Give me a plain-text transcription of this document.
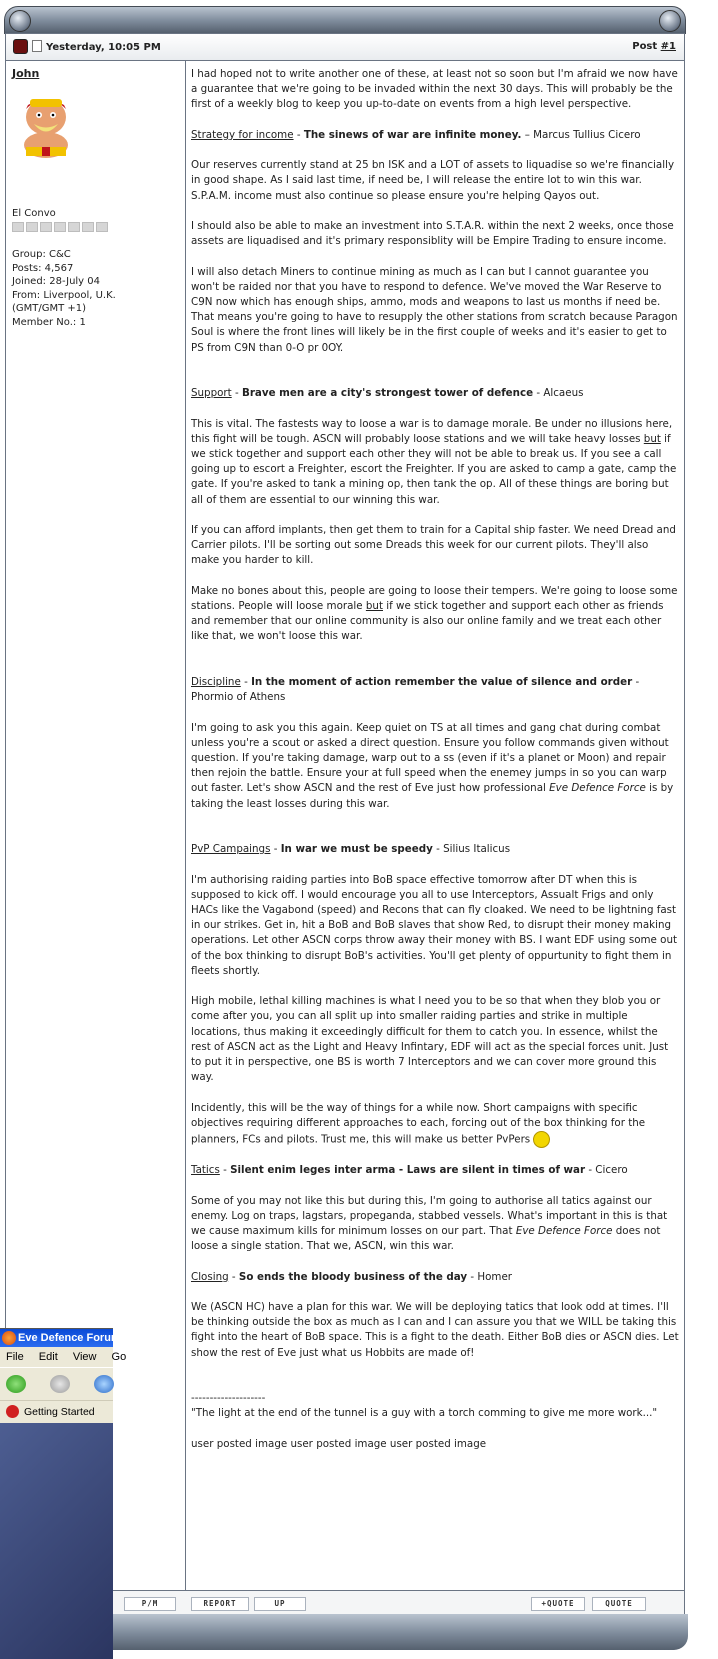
Yesterday, 10:05 PM	Post #1
John
El Convo
Group: C&C
Posts: 4,567
Joined: 28-July 04
From: Liverpool, U.K.
(GMT/GMT +1)
Member No.: 1

I had hoped not to write another one of these, at least not so soon but I'm afraid we now have a guarantee that we're going to be invaded within the next 30 days. This will probably be the first of a weekly blog to keep you up-to-date on events from a high level perspective.

Strategy for income - The sinews of war are infinite money. – Marcus Tullius Cicero

Our reserves currently stand at 25 bn ISK and a LOT of assets to liquadise so we're financially in good shape. As I said last time, if need be, I will release the entire lot to win this war. S.P.A.M. income must also continue so please ensure you're helping Qayos out.

I should also be able to make an investment into S.T.A.R. within the next 2 weeks, once those assets are liquadised and it's primary responsiblity will be Empire Trading to ensure income.

I will also detach Miners to continue mining as much as I can but I cannot guarantee you won't be raided nor that you have to respond to defence. We've moved the War Reserve to C9N now which has enough ships, ammo, mods and weapons to last us months if need be. That means you're going to have to resupply the other stations from scratch because Paragon Soul is where the front lines will likely be in the first couple of weeks and it's easier to get to PS from C9N than 0-O pr 0OY.

Support - Brave men are a city's strongest tower of defence - Alcaeus

This is vital. The fastests way to loose a war is to damage morale. Be under no illusions here, this fight will be tough. ASCN will probably loose stations and we will take heavy losses but if we stick together and support each other they will not be able to break us. If you see a call going up to escort a Freighter, escort the Freighter. If you are asked to camp a gate, camp the gate. If you're asked to tank a mining op, then tank the op. All of these things are boring but all of them are essential to our winning this war.

If you can afford implants, then get them to train for a Capital ship faster. We need Dread and Carrier pilots. I'll be sorting out some Dreads this week for our current pilots. They'll also make you harder to kill.

Make no bones about this, people are going to loose their tempers. We're going to loose some stations. People will loose morale but if we stick together and support each other as friends and remember that our online community is also our online family and we treat each other like that, we won't loose this war.

Discipline - In the moment of action remember the value of silence and order - Phormio of Athens

I'm going to ask you this again. Keep quiet on TS at all times and gang chat during combat unless you're a scout or asked a direct question. Ensure you follow commands given without question. If you're taking damage, warp out to a ss (even if it's a planet or Moon) and repair then rejoin the battle. Ensure your at full speed when the enemey jumps in so you can warp out faster. Let's show ASCN and the rest of Eve just how professional Eve Defence Force is by taking the least losses during this war.

PvP Campaings - In war we must be speedy - Silius Italicus

I'm authorising raiding parties into BoB space effective tomorrow after DT when this is supposed to kick off. I would encourage you all to use Interceptors, Assualt Frigs and only HACs like the Vagabond (speed) and Recons that can fly cloaked. We need to be lightning fast in our strikes. Get in, hit a BoB and BoB slaves that show Red, to disrupt their money making operations. Let other ASCN corps throw away their money with BS. I want EDF using some out of the box thinking to disrupt BoB's activities. You'll get plenty of oppurtunity to fight them in fleets shortly.

High mobile, lethal killing machines is what I need you to be so that when they blob you or come after you, you can all split up into smaller raiding parties and strike in multiple locations, thus making it exceedingly difficult for them to catch you. In essence, whilst the rest of ASCN act as the Light and Heavy Infintary, EDF will act as the special forces unit. Just to put it in perspective, one BS is worth 7 Interceptors and we can cover more ground this way.

Incidently, this will be the way of things for a while now. Short campaigns with specific objectives requiring different approaches to each, forcing out of the box thinking for the planners, FCs and pilots. Trust me, this will make us better PvPers

Tatics - Silent enim leges inter arma - Laws are silent in times of war - Cicero

Some of you may not like this but during this, I'm going to authorise all tatics against our enemy. Log on traps, lagstars, propeganda, stabbed vessels. What's important in this is that we cause maximum kills for minimum losses on our part. That Eve Defence Force does not loose a single station. That we, ASCN, win this war.

Closing - So ends the bloody business of the day - Homer

We (ASCN HC) have a plan for this war. We will be deploying tatics that look odd at times. I'll be thinking outside the box as much as I can and I can assure you that we WILL be taking this fight into the heart of BoB space. This is a fight to the death. Either BoB dies or ASCN dies. Let show the rest of Eve just what us Hobbits are made of!

--------------------
"The light at the end of the tunnel is a guy with a torch comming to give me more work..."
user posted image user posted image user posted image
P/M	REPORT	UP	+QUOTE	QUOTE
Eve Defence Forum
File Edit View Go
Getting Started
